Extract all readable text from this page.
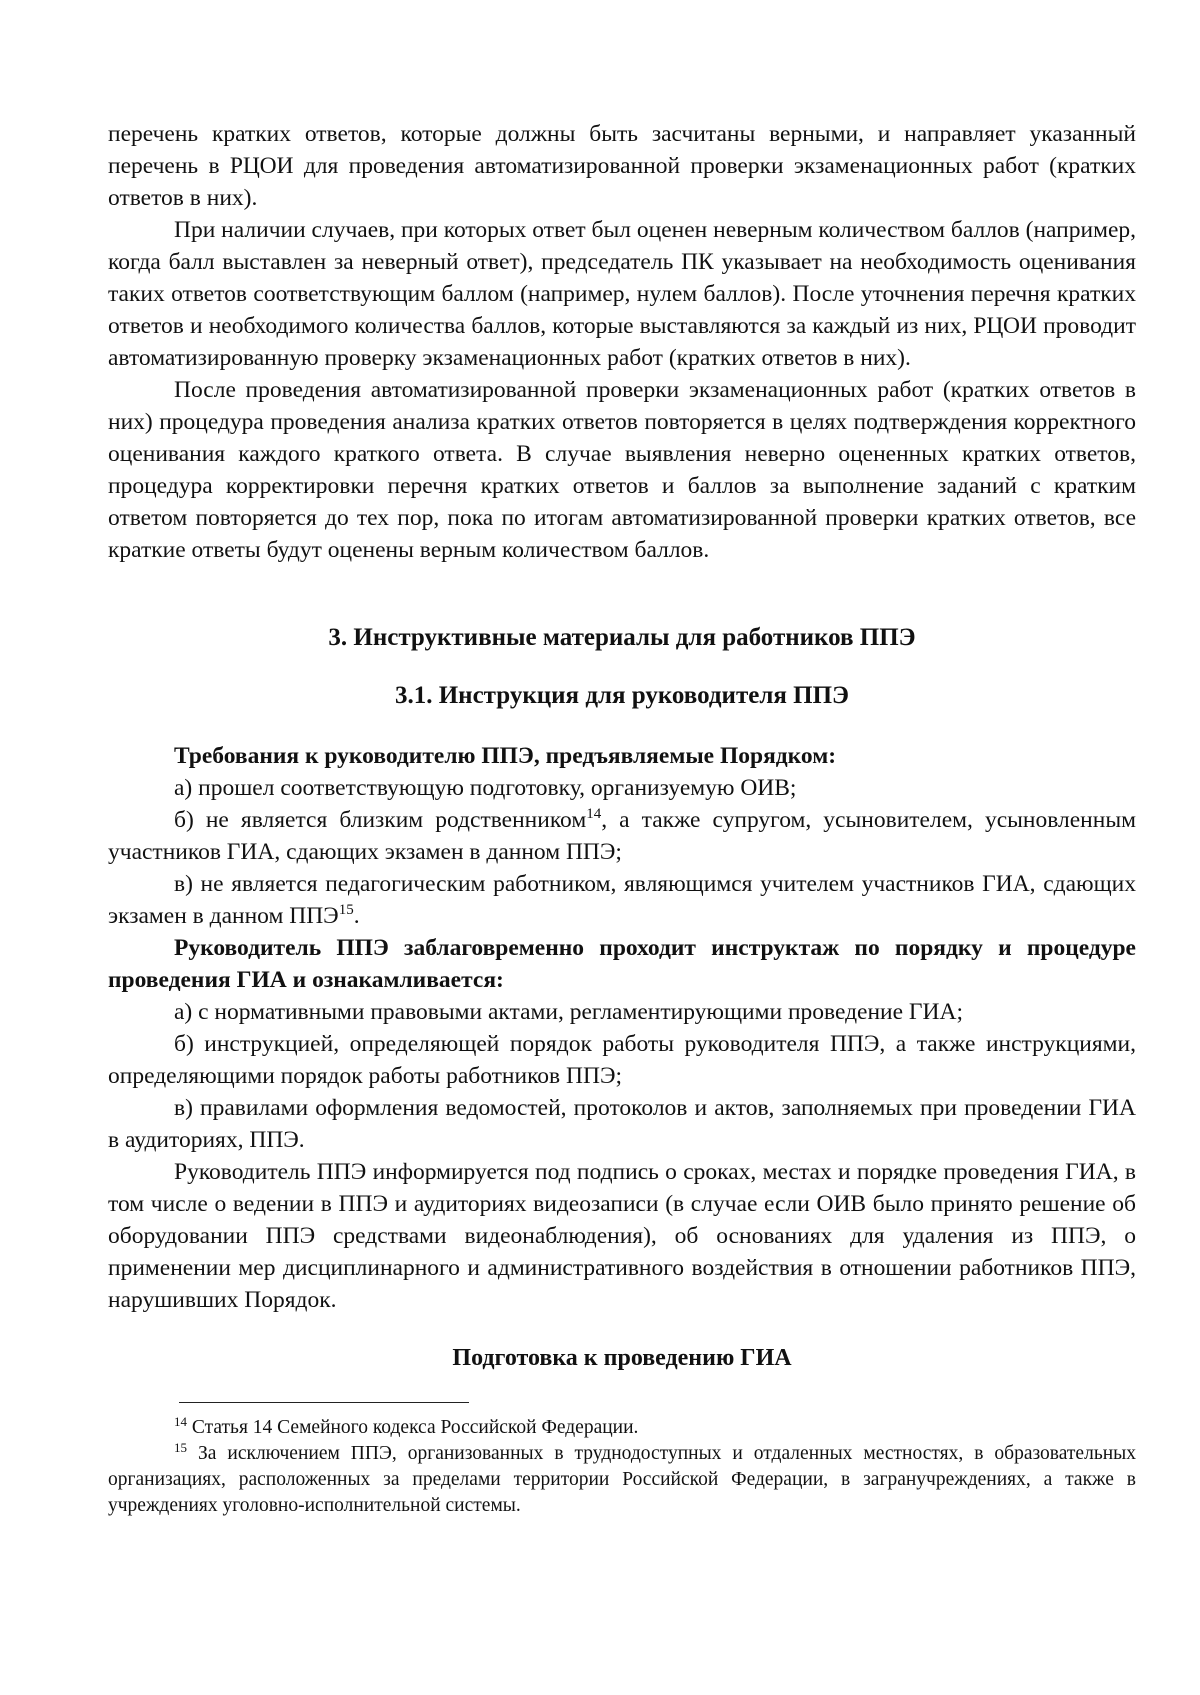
перечень кратких ответов, которые должны быть засчитаны верными, и направляет указанный перечень в РЦОИ для проведения автоматизированной проверки экзаменационных работ (кратких ответов в них).

При наличии случаев, при которых ответ был оценен неверным количеством баллов (например, когда балл выставлен за неверный ответ), председатель ПК указывает на необходимость оценивания таких ответов соответствующим баллом (например, нулем баллов). После уточнения перечня кратких ответов и необходимого количества баллов, которые выставляются за каждый из них, РЦОИ проводит автоматизированную проверку экзаменационных работ (кратких ответов в них).

После проведения автоматизированной проверки экзаменационных работ (кратких ответов в них) процедура проведения анализа кратких ответов повторяется в целях подтверждения корректного оценивания каждого краткого ответа. В случае выявления неверно оцененных кратких ответов, процедура корректировки перечня кратких ответов и баллов за выполнение заданий с кратким ответом повторяется до тех пор, пока по итогам автоматизированной проверки кратких ответов, все краткие ответы будут оценены верным количеством баллов.

3. Инструктивные материалы для работников ППЭ

3.1. Инструкция для руководителя ППЭ

Требования к руководителю ППЭ, предъявляемые Порядком:

а) прошел соответствующую подготовку, организуемую ОИВ;

б) не является близким родственником$^{14}$, а также супругом, усыновителем, усыновленным участников ГИА, сдающих экзамен в данном ППЭ;

в) не является педагогическим работником, являющимся учителем участников ГИА, сдающих экзамен в данном ППЭ$^{15}$.

Руководитель ППЭ заблаговременно проходит инструктаж по порядку и процедуре проведения ГИА и ознакамливается:

а) с нормативными правовыми актами, регламентирующими проведение ГИА;

б) инструкцией, определяющей порядок работы руководителя ППЭ, а также инструкциями, определяющими порядок работы работников ППЭ;

в) правилами оформления ведомостей, протоколов и актов, заполняемых при проведении ГИА в аудиториях, ППЭ.

Руководитель ППЭ информируется под подпись о сроках, местах и порядке проведения ГИА, в том числе о ведении в ППЭ и аудиториях видеозаписи (в случае если ОИВ было принято решение об оборудовании ППЭ средствами видеонаблюдения), об основаниях для удаления из ППЭ, о применении мер дисциплинарного и административного воздействия в отношении работников ППЭ, нарушивших Порядок.

Подготовка к проведению ГИА

$^{14}$ Статья 14 Семейного кодекса Российской Федерации.

$^{15}$ За исключением ППЭ, организованных в труднодоступных и отдаленных местностях, в образовательных организациях, расположенных за пределами территории Российской Федерации, в загранучреждениях, а также в учреждениях уголовно-исполнительной системы.
